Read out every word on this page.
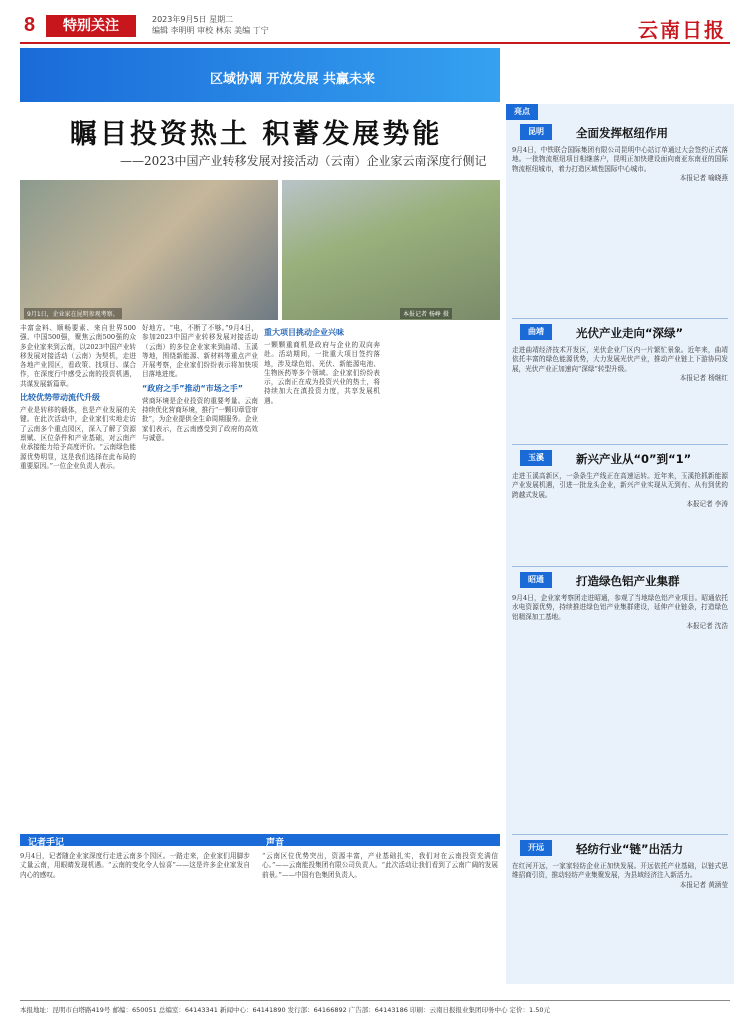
8	特别关注	2023年9月5日 星期二
编辑 李明明 审校 林东 美编 丁宁	云南日报
区域协调 开放发展 共赢未来
瞩目投资热土 积蓄发展势能
——2023中国产业转移发展对接活动（云南）企业家云南深度行侧记
9月1日，企业家在昆明参观考察。	本报记者 杨峥 摄

丰富金料、顺畅要素、来自世界500强、中国500强，聚焦云南500强的众多企业家来到云南，以2023中国产业转移发展对接活动（云南）为契机，走进各地产业园区，看政策、找项目、谋合作，在深度行中感受云南的投资机遇，共谋发展新篇章。

比较优势带动流代升级

产业是转移的载体，也是产业发展的关键。在此次活动中，企业家们实地走访了云南多个重点园区，深入了解了资源禀赋、区位条件和产业基础，对云南产业承接能力给予高度评价。“云南绿色能源优势明显，这是我们选择在此布局的重要原因。”一位企业负责人表示。

好地方。“电，不断了不够。”9月4日，参加2023中国产业转移发展对接活动（云南）的多位企业家来到曲靖、玉溪等地，围绕新能源、新材料等重点产业开展考察，企业家们纷纷表示将加快项目落地进度。

“政府之手”推动“市场之手”

营商环境是企业投资的重要考量。云南持续优化营商环境，推行“一颗印章管审批”，为企业提供全生命周期服务。企业家们表示，在云南感受到了政府的高效与诚意。

重大项目挑动企业兴味

一颗颗重商机是政府与企业的双向奔赴。活动期间，一批重大项目签约落地，涉及绿色铝、光伏、新能源电池、生物医药等多个领域。企业家们纷纷表示，云南正在成为投资兴业的热土，将持续加大在滇投资力度，共享发展机遇。

亮点
昆明	全面发挥枢纽作用

9月4日，中铁联合国际集团有限公司昆明中心站订单通过大会签约正式落地。一批物流枢纽项目相继落户，昆明正加快建设面向南亚东南亚的国际物流枢纽城市，着力打造区域性国际中心城市。

本报记者 喻晓燕

曲靖	光伏产业走向“深绿”

走进曲靖经济技术开发区，光伏企业厂区内一片繁忙景象。近年来，曲靖依托丰富的绿色能源优势，大力发展光伏产业，推动产业链上下游协同发展，光伏产业正加速向“深绿”转型升级。

本报记者 杨继红

玉溪	新兴产业从“0”到“1”

走进玉溪高新区，一条条生产线正在高速运转。近年来，玉溪抢抓新能源产业发展机遇，引进一批龙头企业，新兴产业实现从无到有、从有到优的跨越式发展。

本报记者 李涛

昭通	打造绿色铝产业集群

9月4日，企业家考察团走进昭通，参观了当地绿色铝产业项目。昭通依托水电资源优势，持续推进绿色铝产业集群建设，延伸产业链条，打造绿色铝精深加工基地。

本报记者 沈浩

开远	轻纺行业“链”出活力

在红河开远，一家家轻纺企业正加快发展。开远依托产业基础，以链式思维招商引资，推动轻纺产业集聚发展，为县域经济注入新活力。

本报记者 黄涵莹

记者手记	声音

9月4日，记者随企业家深度行走进云南多个园区。一路走来，企业家们用脚步丈量云南，用眼睛发现机遇。“云南的变化令人惊喜”——这是许多企业家发自内心的感叹。

“云南区位优势突出，资源丰富，产业基础扎实，我们对在云南投资充满信心。”——云南能投集团有限公司负责人。“此次活动让我们看到了云南广阔的发展前景。”——中国有色集团负责人。

本报地址：昆明市白塔路419号 邮编：650051 总编室：64143341 新闻中心：64141890 发行部：64166892 广告部：64143186 印刷：云南日报报业集团印务中心 定价：1.50元
